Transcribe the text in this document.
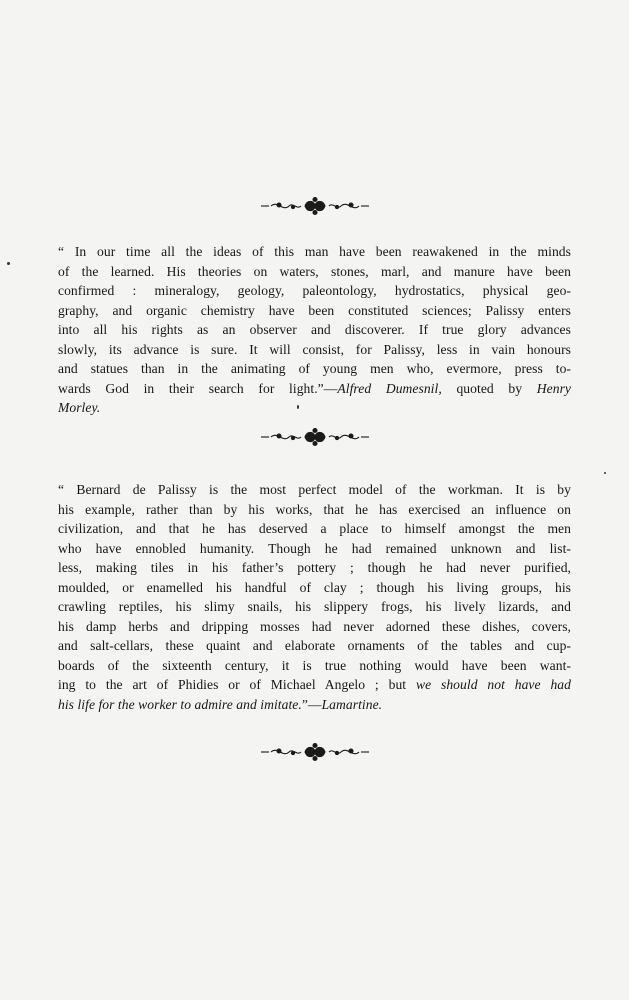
“ In our time all the ideas of this man have been reawakened in the minds
of the learned. His theories on waters, stones, marl, and manure have been
confirmed : mineralogy, geology, paleontology, hydrostatics, physical geo-
graphy, and organic chemistry have been constituted sciences; Palissy enters
into all his rights as an observer and discoverer. If true glory advances
slowly, its advance is sure. It will consist, for Palissy, less in vain honours
and statues than in the animating of young men who, evermore, press to-
wards God in their search for light.”—Alfred Dumesnil, quoted by Henry
Morley.

“ Bernard de Palissy is the most perfect model of the workman. It is by
his example, rather than by his works, that he has exercised an influence on
civilization, and that he has deserved a place to himself amongst the men
who have ennobled humanity. Though he had remained unknown and list-
less, making tiles in his father’s pottery ; though he had never purified,
moulded, or enamelled his handful of clay ; though his living groups, his
crawling reptiles, his slimy snails, his slippery frogs, his lively lizards, and
his damp herbs and dripping mosses had never adorned these dishes, covers,
and salt-cellars, these quaint and elaborate ornaments of the tables and cup-
boards of the sixteenth century, it is true nothing would have been want-
ing to the art of Phidies or of Michael Angelo ; but we should not have had
his life for the worker to admire and imitate.”—Lamartine.
